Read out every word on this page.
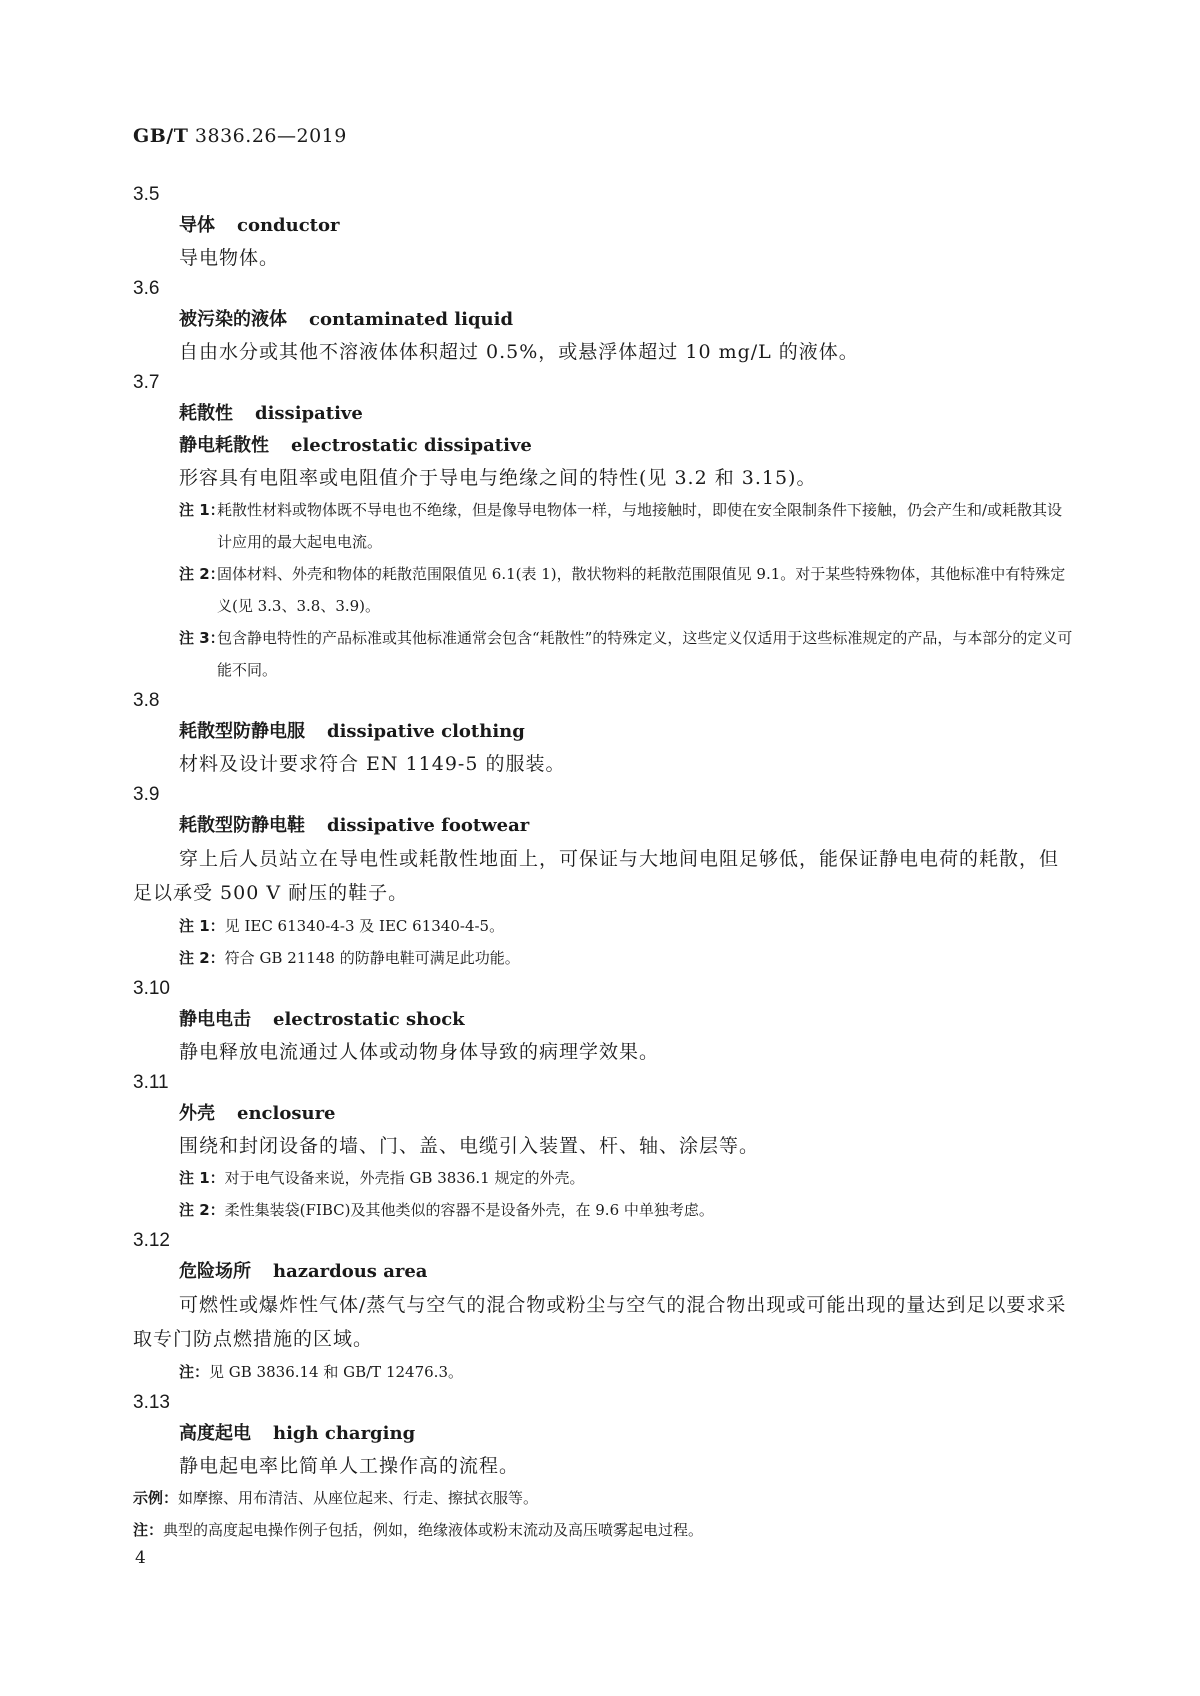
GB/T 3836.26—2019
3.5
导体 conductor
导电物体。
3.6
被污染的液体 contaminated liquid
自由水分或其他不溶液体体积超过 0.5%，或悬浮体超过 10 mg/L 的液体。
3.7
耗散性 dissipative
静电耗散性 electrostatic dissipative
形容具有电阻率或电阻值介于导电与绝缘之间的特性(见 3.2 和 3.15)。
注 1：
耗散性材料或物体既不导电也不绝缘，但是像导电物体一样，与地接触时，即使在安全限制条件下接触，仍会产生和/或耗散其设计应用的最大起电电流。
注 2：
固体材料、外壳和物体的耗散范围限值见 6.1(表 1)，散状物料的耗散范围限值见 9.1。对于某些特殊物体，其他标准中有特殊定义(见 3.3、3.8、3.9)。
注 3：
包含静电特性的产品标准或其他标准通常会包含“耗散性”的特殊定义，这些定义仅适用于这些标准规定的产品，与本部分的定义可能不同。
3.8
耗散型防静电服 dissipative clothing
材料及设计要求符合 EN 1149-5 的服装。
3.9
耗散型防静电鞋 dissipative footwear
穿上后人员站立在导电性或耗散性地面上，可保证与大地间电阻足够低，能保证静电电荷的耗散，但足以承受 500 V 耐压的鞋子。
注 1：见 IEC 61340-4-3 及 IEC 61340-4-5。
注 2：符合 GB 21148 的防静电鞋可满足此功能。
3.10
静电电击 electrostatic shock
静电释放电流通过人体或动物身体导致的病理学效果。
3.11
外壳 enclosure
围绕和封闭设备的墙、门、盖、电缆引入装置、杆、轴、涂层等。
注 1：对于电气设备来说，外壳指 GB 3836.1 规定的外壳。
注 2：柔性集装袋(FIBC)及其他类似的容器不是设备外壳，在 9.6 中单独考虑。
3.12
危险场所 hazardous area
可燃性或爆炸性气体/蒸气与空气的混合物或粉尘与空气的混合物出现或可能出现的量达到足以要求采取专门防点燃措施的区域。
注：见 GB 3836.14 和 GB/T 12476.3。
3.13
高度起电 high charging
静电起电率比简单人工操作高的流程。
示例：如摩擦、用布清洁、从座位起来、行走、擦拭衣服等。
注：典型的高度起电操作例子包括，例如，绝缘液体或粉末流动及高压喷雾起电过程。
4
